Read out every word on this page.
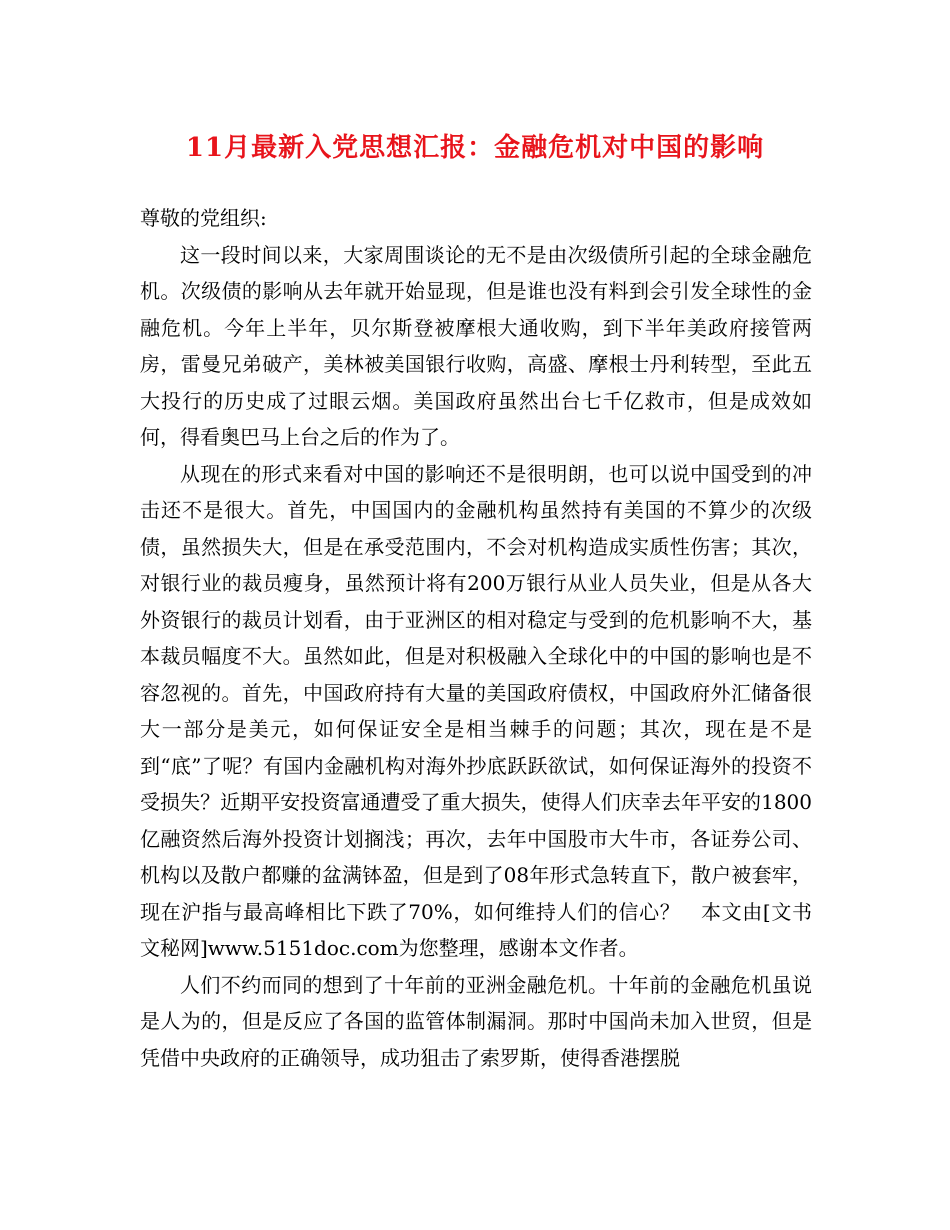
11月最新入党思想汇报：金融危机对中国的影响

尊敬的党组织:

这一段时间以来，大家周围谈论的无不是由次级债所引起的全球金融危机。次级债的影响从去年就开始显现，但是谁也没有料到会引发全球性的金融危机。今年上半年，贝尔斯登被摩根大通收购，到下半年美政府接管两房，雷曼兄弟破产，美林被美国银行收购，高盛、摩根士丹利转型，至此五大投行的历史成了过眼云烟。美国政府虽然出台七千亿救市，但是成效如何，得看奥巴马上台之后的作为了。

从现在的形式来看对中国的影响还不是很明朗，也可以说中国受到的冲击还不是很大。首先，中国国内的金融机构虽然持有美国的不算少的次级债，虽然损失大，但是在承受范围内，不会对机构造成实质性伤害；其次，对银行业的裁员瘦身，虽然预计将有200万银行从业人员失业，但是从各大外资银行的裁员计划看，由于亚洲区的相对稳定与受到的危机影响不大，基本裁员幅度不大。虽然如此，但是对积极融入全球化中的中国的影响也是不容忽视的。首先，中国政府持有大量的美国政府债权，中国政府外汇储备很大一部分是美元，如何保证安全是相当棘手的问题；其次，现在是不是到“底”了呢？有国内金融机构对海外抄底跃跃欲试，如何保证海外的投资不受损失？近期平安投资富通遭受了重大损失，使得人们庆幸去年平安的1800亿融资然后海外投资计划搁浅；再次，去年中国股市大牛市，各证券公司、机构以及散户都赚的盆满钵盈，但是到了08年形式急转直下，散户被套牢，现在沪指与最高峰相比下跌了70%，如何维持人们的信心？　本文由[文书文秘网]www.5151doc.com为您整理，感谢本文作者。

人们不约而同的想到了十年前的亚洲金融危机。十年前的金融危机虽说是人为的，但是反应了各国的监管体制漏洞。那时中国尚未加入世贸，但是凭借中央政府的正确领导，成功狙击了索罗斯，使得香港摆脱
